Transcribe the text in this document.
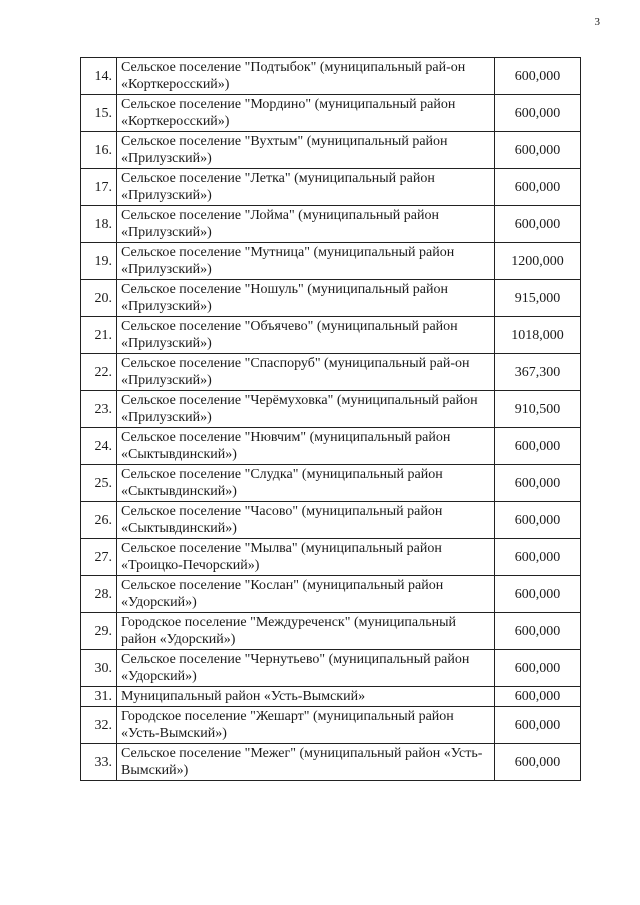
3
14.	Сельское поселение "Подтыбок" (муниципальный рай-он «Корткеросский»)	600,000
15.	Сельское поселение "Мордино" (муниципальный район «Корткеросский»)	600,000
16.	Сельское поселение "Вухтым" (муниципальный район «Прилузский»)	600,000
17.	Сельское поселение "Летка" (муниципальный район «Прилузский»)	600,000
18.	Сельское поселение "Лойма" (муниципальный район «Прилузский»)	600,000
19.	Сельское поселение "Мутница" (муниципальный район «Прилузский»)	1200,000
20.	Сельское поселение "Ношуль" (муниципальный район «Прилузский»)	915,000
21.	Сельское поселение "Объячево" (муниципальный район «Прилузский»)	1018,000
22.	Сельское поселение "Спаспоруб" (муниципальный рай-он «Прилузский»)	367,300
23.	Сельское поселение "Черёмуховка" (муниципальный район «Прилузский»)	910,500
24.	Сельское поселение "Нювчим" (муниципальный район «Сыктывдинский»)	600,000
25.	Сельское поселение "Слудка" (муниципальный район «Сыктывдинский»)	600,000
26.	Сельское поселение "Часово" (муниципальный район «Сыктывдинский»)	600,000
27.	Сельское поселение "Мылва" (муниципальный район «Троицко-Печорский»)	600,000
28.	Сельское поселение "Кослан" (муниципальный район «Удорский»)	600,000
29.	Городское поселение "Междуреченск" (муниципальный район «Удорский»)	600,000
30.	Сельское поселение "Чернутьево" (муниципальный район «Удорский»)	600,000
31.	Муниципальный район «Усть-Вымский»	600,000
32.	Городское поселение "Жешарт" (муниципальный район «Усть-Вымский»)	600,000
33.	Сельское поселение "Межег" (муниципальный район «Усть-Вымский»)	600,000
